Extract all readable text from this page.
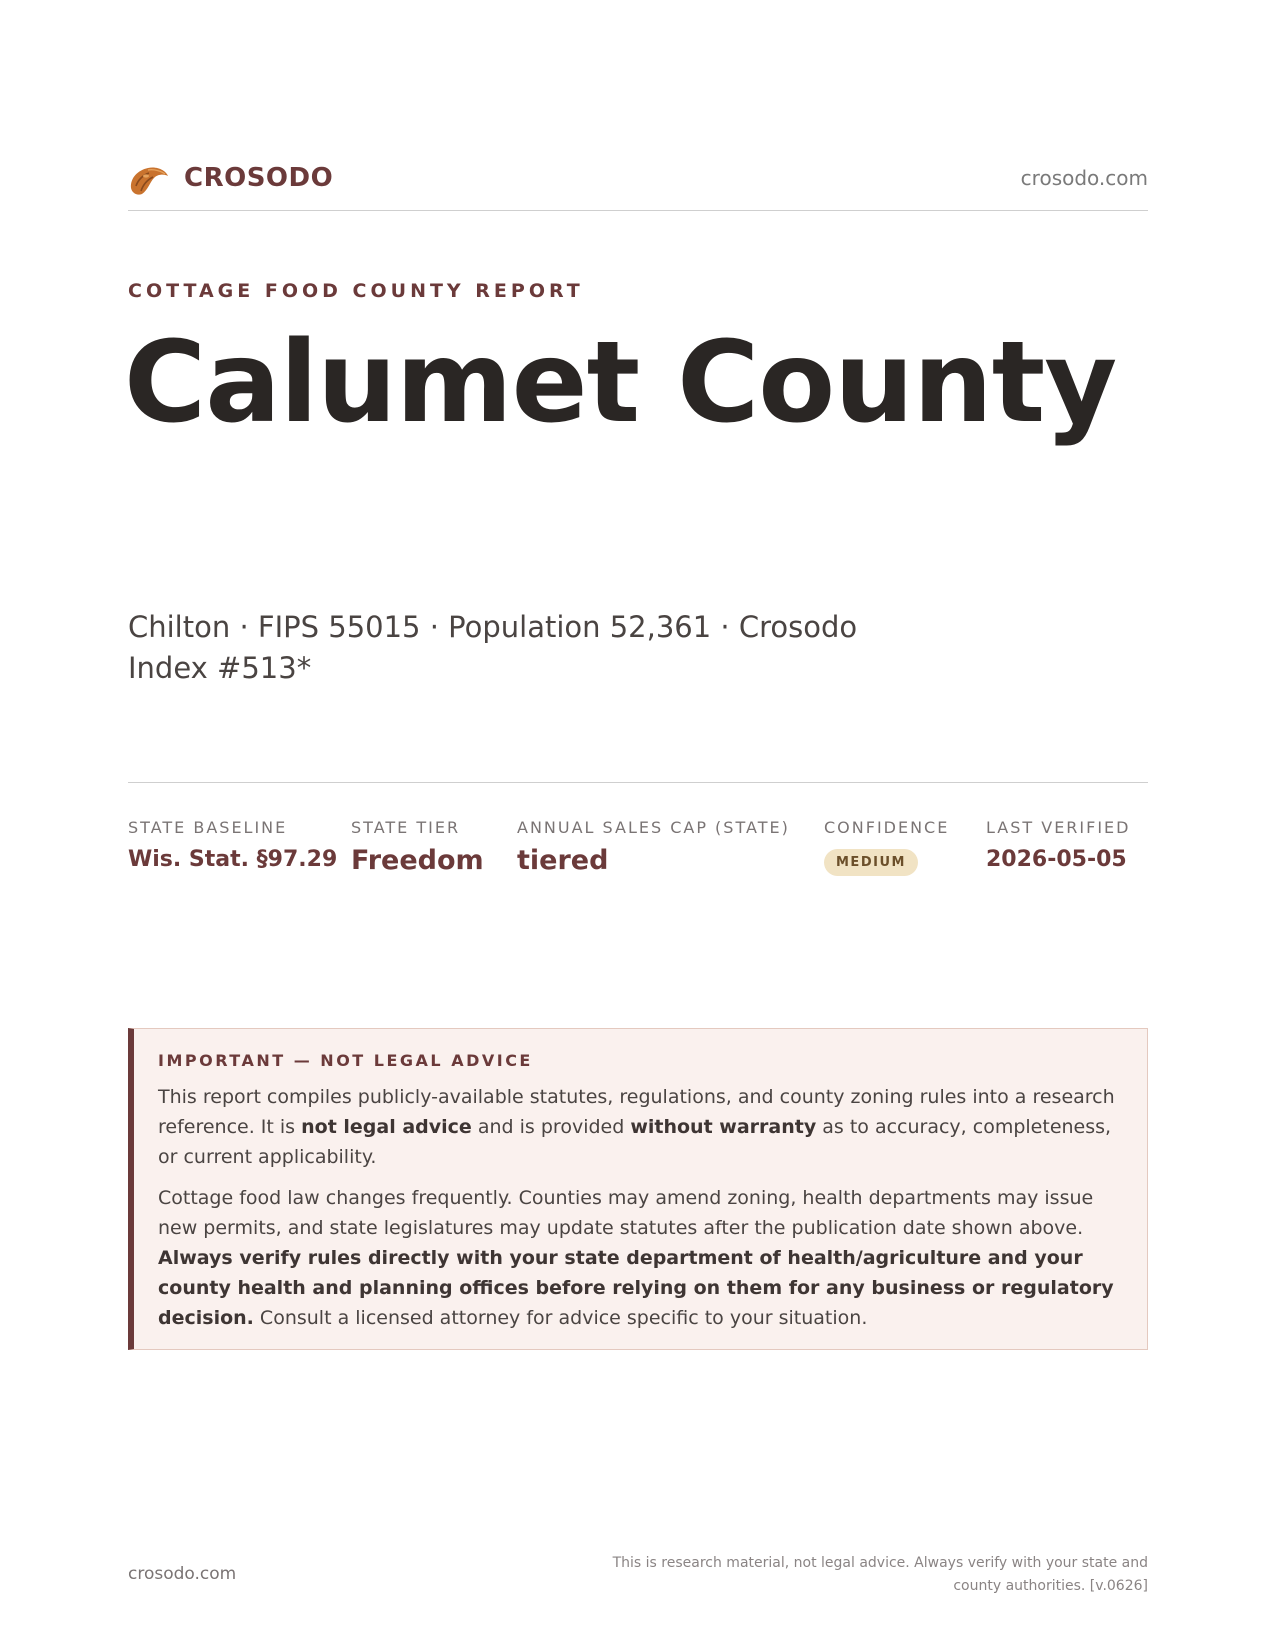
CROSODO	crosodo.com
COTTAGE FOOD COUNTY REPORT
Calumet County
Chilton · FIPS 55015 · Population 52,361 · Crosodo Index #513*
STATE BASELINE
Wis. Stat. §97.29
STATE TIER
Freedom
ANNUAL SALES CAP (STATE)
tiered
CONFIDENCE
MEDIUM
LAST VERIFIED
2026-05-05
IMPORTANT — NOT LEGAL ADVICE

This report compiles publicly-available statutes, regulations, and county zoning rules into a research reference. It is not legal advice and is provided without warranty as to accuracy, completeness, or current applicability.

Cottage food law changes frequently. Counties may amend zoning, health departments may issue new permits, and state legislatures may update statutes after the publication date shown above. Always verify rules directly with your state department of health/agriculture and your county health and planning offices before relying on them for any business or regulatory decision. Consult a licensed attorney for advice specific to your situation.

crosodo.com
This is research material, not legal advice. Always verify with your state and county authorities. [v.0626]
